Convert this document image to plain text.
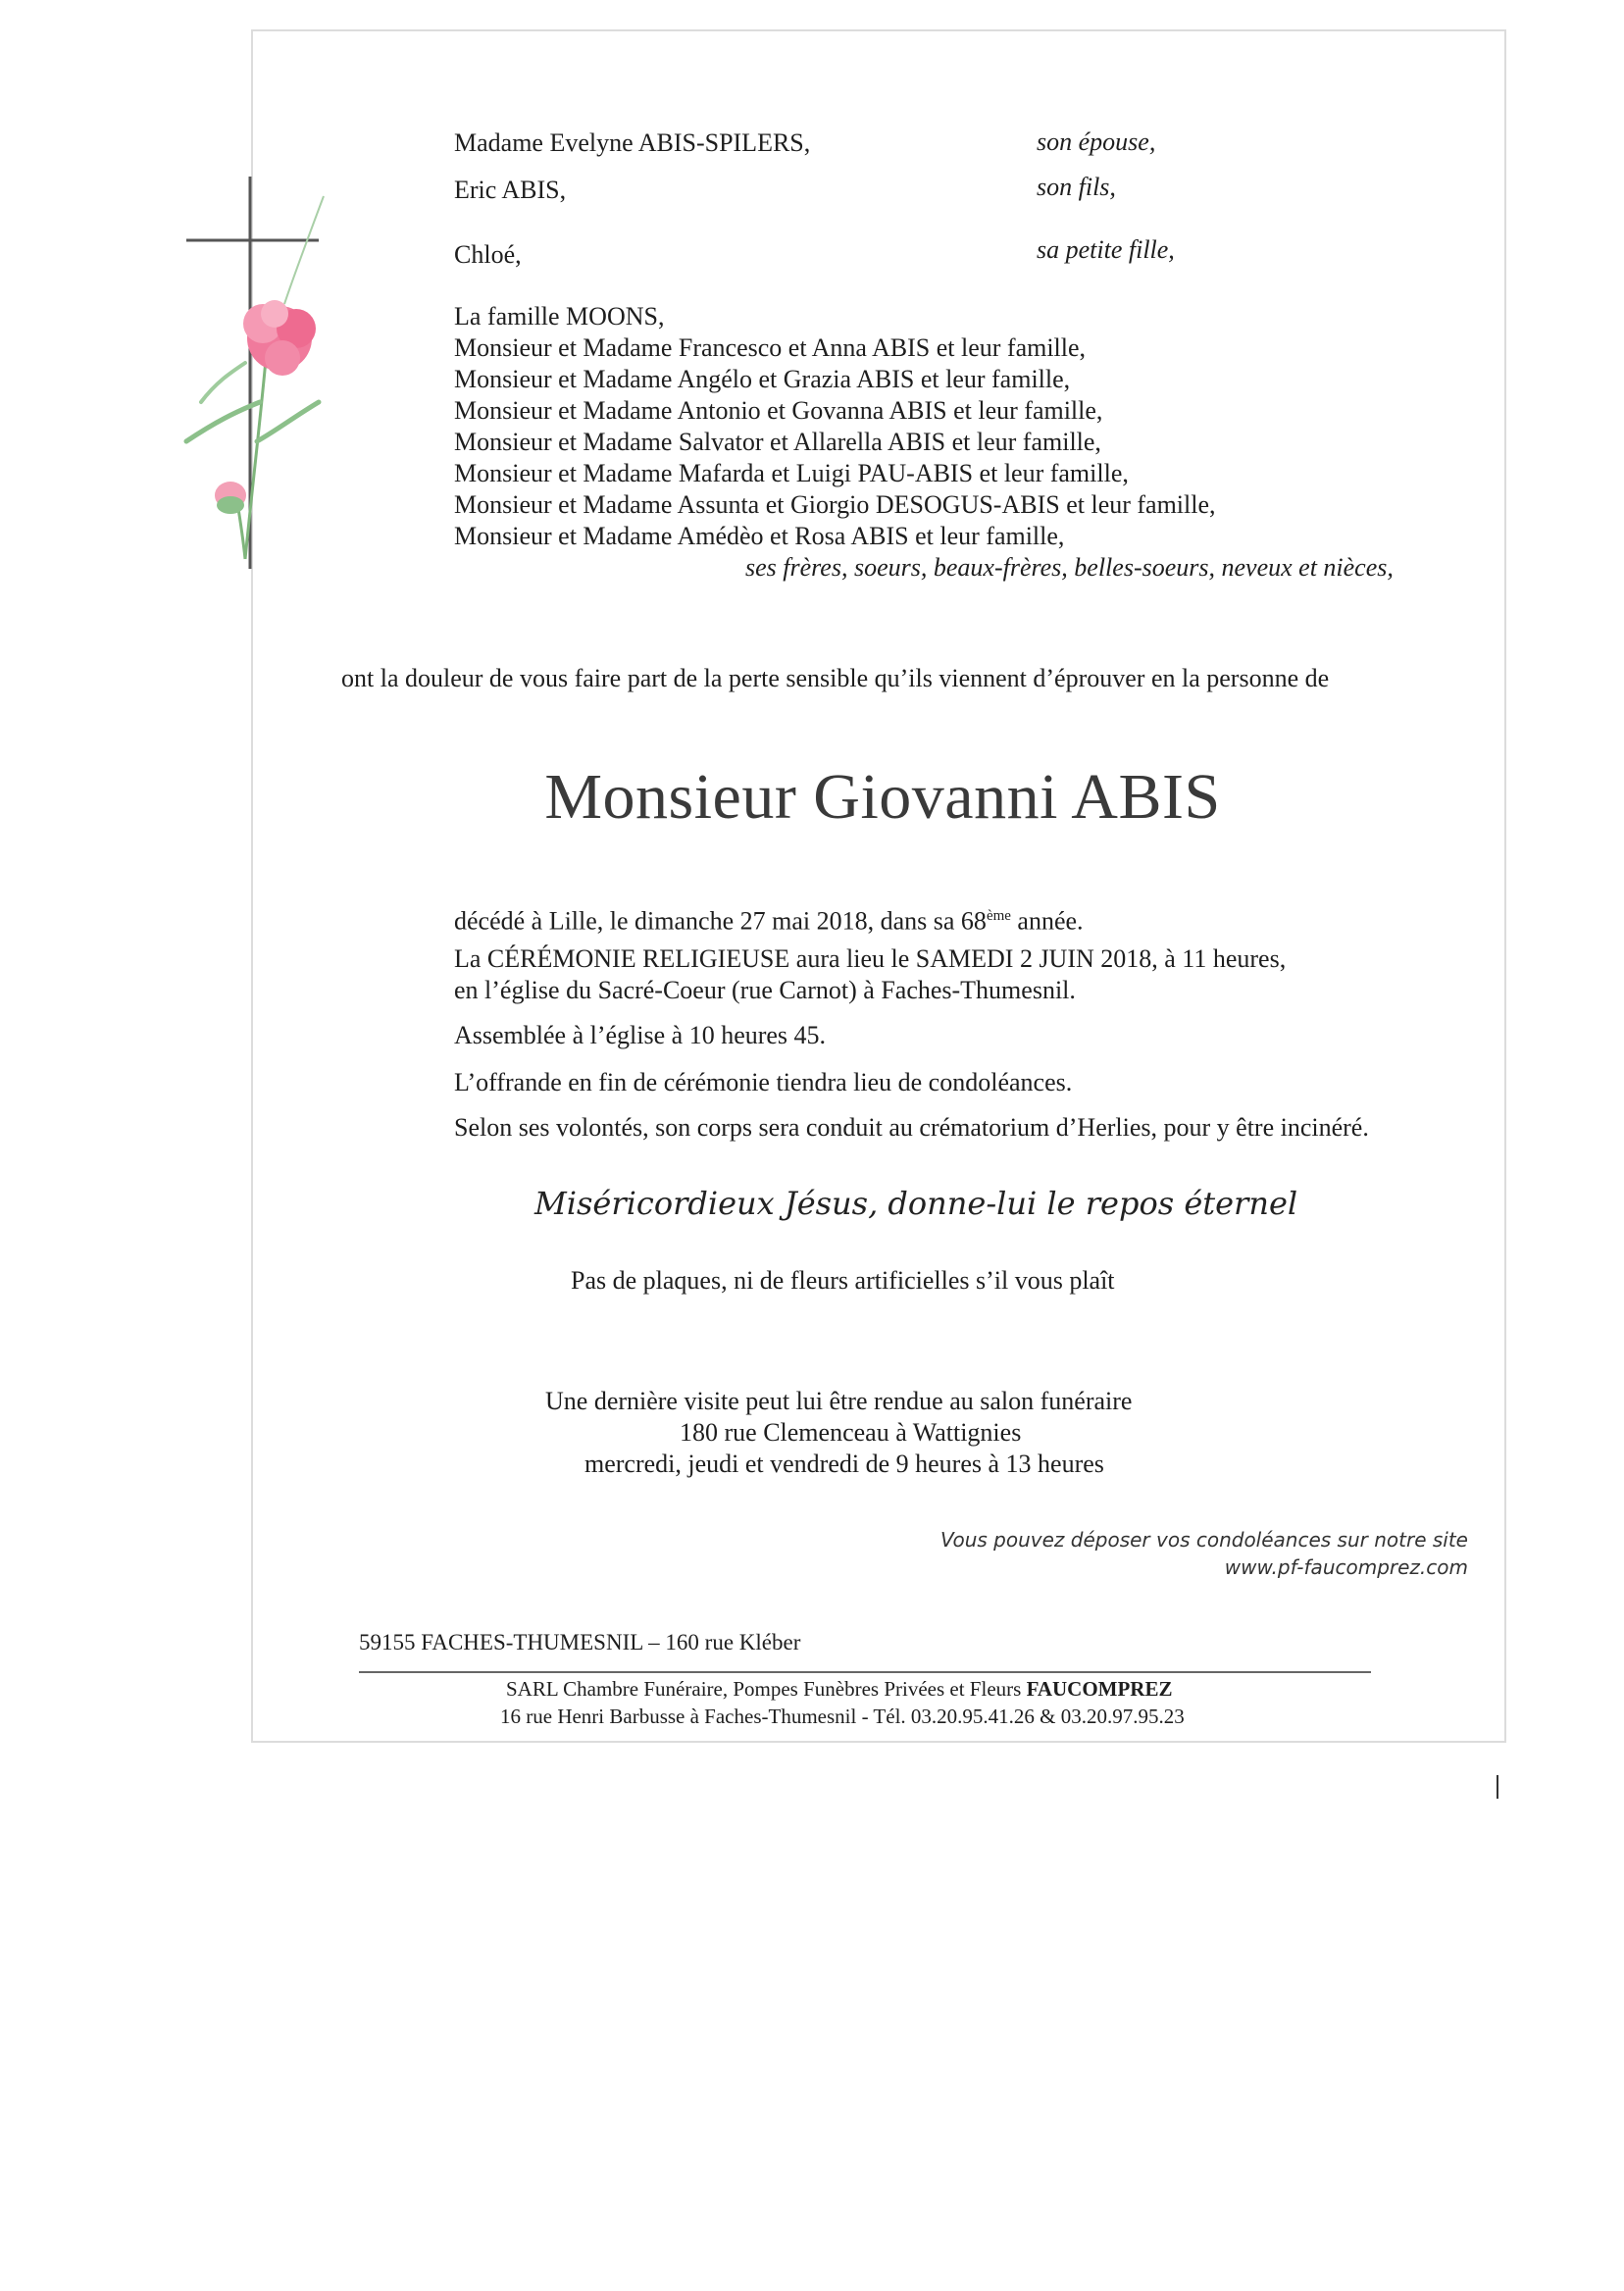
Madame Evelyne ABIS-SPILERS,	son épouse,
Eric ABIS,	son fils,
Chloé,	sa petite fille,
La famille MOONS,
Monsieur et Madame Francesco et Anna ABIS et leur famille,
Monsieur et Madame Angélo et Grazia ABIS et leur famille,
Monsieur et Madame Antonio et Govanna ABIS et leur famille,
Monsieur et Madame Salvator et Allarella ABIS et leur famille,
Monsieur et Madame Mafarda et Luigi PAU-ABIS et leur famille,
Monsieur et Madame Assunta et Giorgio DESOGUS-ABIS et leur famille,
Monsieur et Madame Amédèo et Rosa ABIS et leur famille,
ses frères, soeurs, beaux-frères, belles-soeurs, neveux et nièces,
ont la douleur de vous faire part de la perte sensible qu’ils viennent d’éprouver en la personne de
Monsieur Giovanni ABIS
décédé à Lille, le dimanche 27 mai 2018, dans sa 68ème année.
La CÉRÉMONIE RELIGIEUSE aura lieu le SAMEDI 2 JUIN 2018, à 11 heures,
en l’église du Sacré-Coeur (rue Carnot) à Faches-Thumesnil.
Assemblée à l’église à 10 heures 45.
L’offrande en fin de cérémonie tiendra lieu de condoléances.
Selon ses volontés, son corps sera conduit au crématorium d’Herlies, pour y être incinéré.
Miséricordieux Jésus, donne-lui le repos éternel
Pas de plaques, ni de fleurs artificielles s’il vous plaît
Une dernière visite peut lui être rendue au salon funéraire
180 rue Clemenceau à Wattignies
mercredi, jeudi et vendredi de 9 heures à 13 heures
Vous pouvez déposer vos condoléances sur notre site
www.pf-faucomprez.com
59155 FACHES-THUMESNIL – 160 rue Kléber
SARL Chambre Funéraire, Pompes Funèbres Privées et Fleurs FAUCOMPREZ
16 rue Henri Barbusse à Faches-Thumesnil - Tél. 03.20.95.41.26 & 03.20.97.95.23
